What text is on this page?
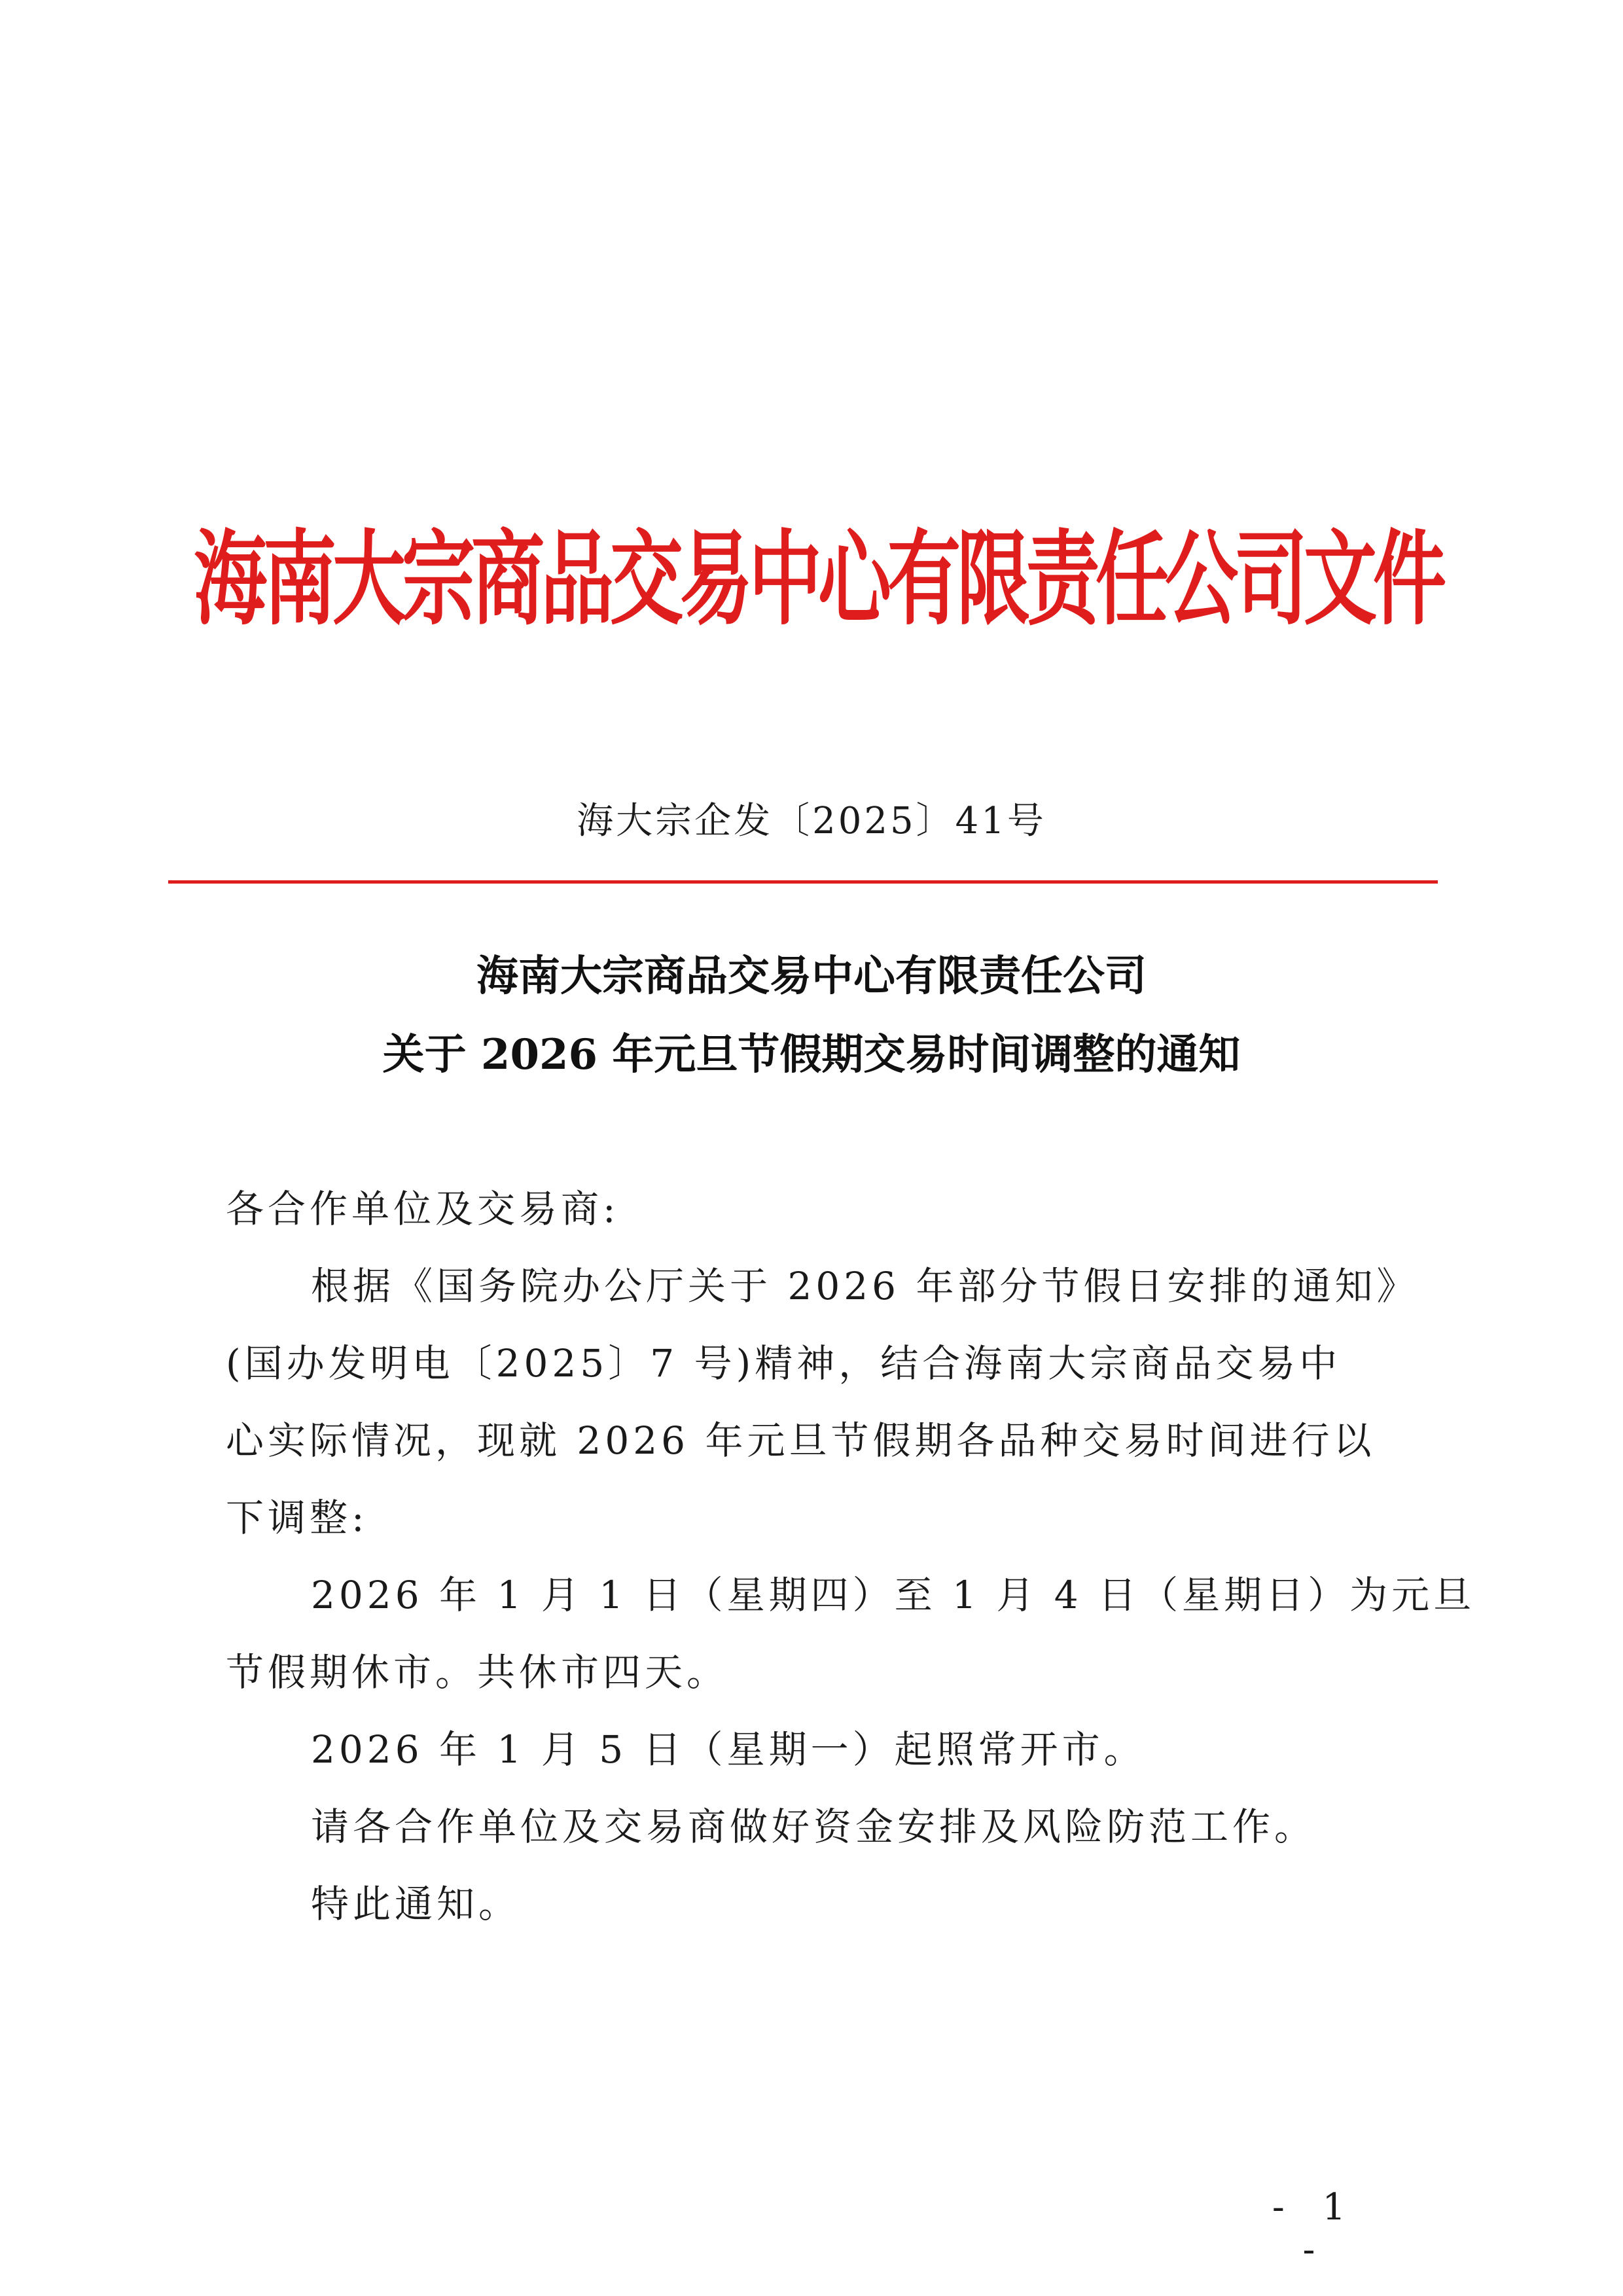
海南大宗商品交易中心有限责任公司文件
海大宗企发〔2025〕41号
海南大宗商品交易中心有限责任公司
关于 2026 年元旦节假期交易时间调整的通知
各合作单位及交易商:
根据《国务院办公厅关于 2026 年部分节假日安排的通知》
(国办发明电〔2025〕7 号)精神，结合海南大宗商品交易中
心实际情况，现就 2026 年元旦节假期各品种交易时间进行以
下调整:
2026 年 1 月 1 日（星期四）至 1 月 4 日（星期日）为元旦
节假期休市。共休市四天。
2026 年 1 月 5 日（星期一）起照常开市。
请各合作单位及交易商做好资金安排及风险防范工作。
特此通知。
- 1 -
